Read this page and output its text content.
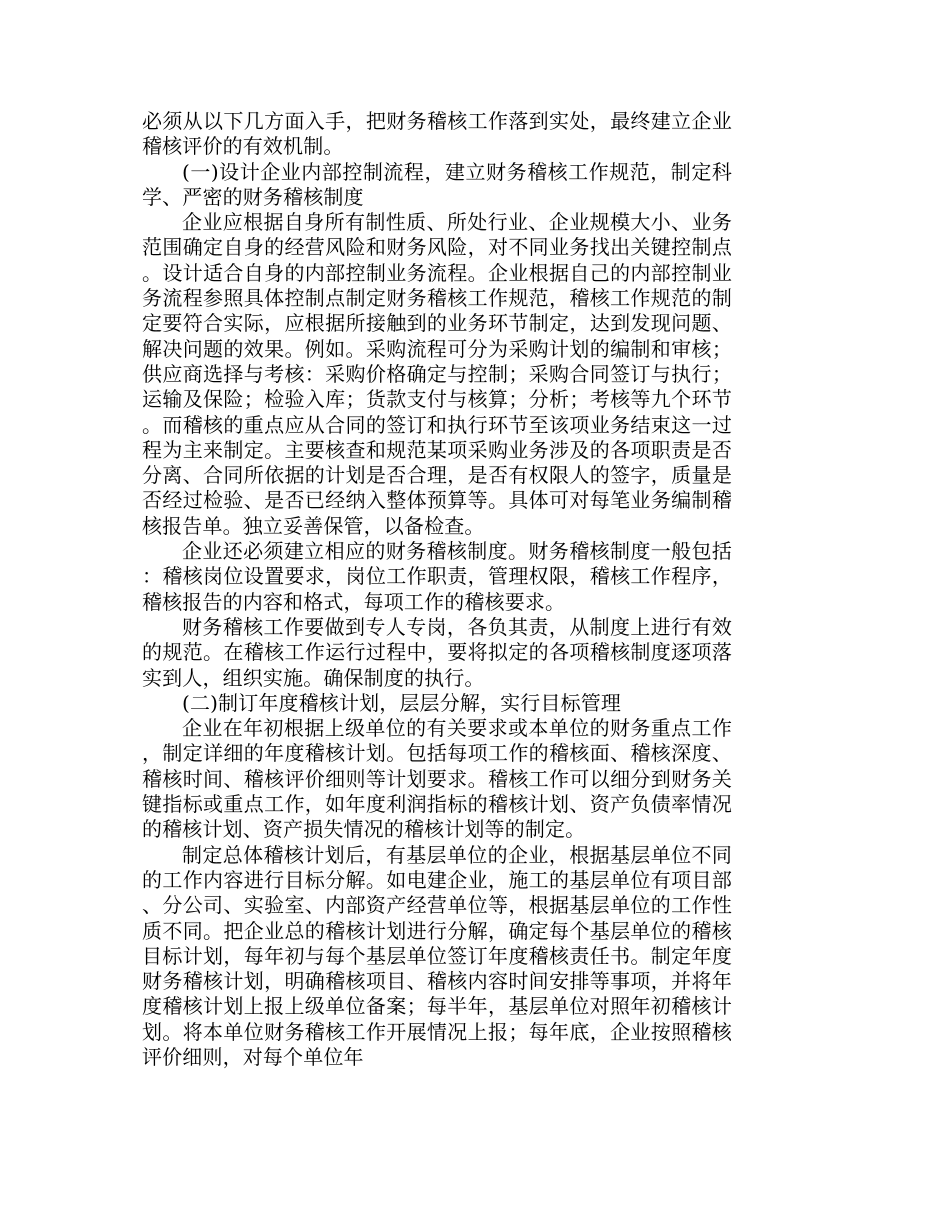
必须从以下几方面入手，把财务稽核工作落到实处，最终建立企业稽核评价的有效机制。

(一)设计企业内部控制流程，建立财务稽核工作规范，制定科学、严密的财务稽核制度

企业应根据自身所有制性质、所处行业、企业规模大小、业务范围确定自身的经营风险和财务风险，对不同业务找出关键控制点。设计适合自身的内部控制业务流程。企业根据自己的内部控制业务流程参照具体控制点制定财务稽核工作规范，稽核工作规范的制定要符合实际，应根据所接触到的业务环节制定，达到发现问题、解决问题的效果。例如。采购流程可分为采购计划的编制和审核；供应商选择与考核：采购价格确定与控制；采购合同签订与执行；运输及保险；检验入库；货款支付与核算；分析；考核等九个环节。而稽核的重点应从合同的签订和执行环节至该项业务结束这一过程为主来制定。主要核查和规范某项采购业务涉及的各项职责是否分离、合同所依据的计划是否合理，是否有权限人的签字，质量是否经过检验、是否已经纳入整体预算等。具体可对每笔业务编制稽核报告单。独立妥善保管，以备检查。

企业还必须建立相应的财务稽核制度。财务稽核制度一般包括：稽核岗位设置要求，岗位工作职责，管理权限，稽核工作程序，稽核报告的内容和格式，每项工作的稽核要求。

财务稽核工作要做到专人专岗，各负其责，从制度上进行有效的规范。在稽核工作运行过程中，要将拟定的各项稽核制度逐项落实到人，组织实施。确保制度的执行。

(二)制订年度稽核计划，层层分解，实行目标管理

企业在年初根据上级单位的有关要求或本单位的财务重点工作，制定详细的年度稽核计划。包括每项工作的稽核面、稽核深度、稽核时间、稽核评价细则等计划要求。稽核工作可以细分到财务关键指标或重点工作，如年度利润指标的稽核计划、资产负债率情况的稽核计划、资产损失情况的稽核计划等的制定。

制定总体稽核计划后，有基层单位的企业，根据基层单位不同的工作内容进行目标分解。如电建企业，施工的基层单位有项目部、分公司、实验室、内部资产经营单位等，根据基层单位的工作性质不同。把企业总的稽核计划进行分解，确定每个基层单位的稽核目标计划，每年初与每个基层单位签订年度稽核责任书。制定年度财务稽核计划，明确稽核项目、稽核内容时间安排等事项，并将年度稽核计划上报上级单位备案；每半年，基层单位对照年初稽核计划。将本单位财务稽核工作开展情况上报；每年底，企业按照稽核评价细则，对每个单位年
